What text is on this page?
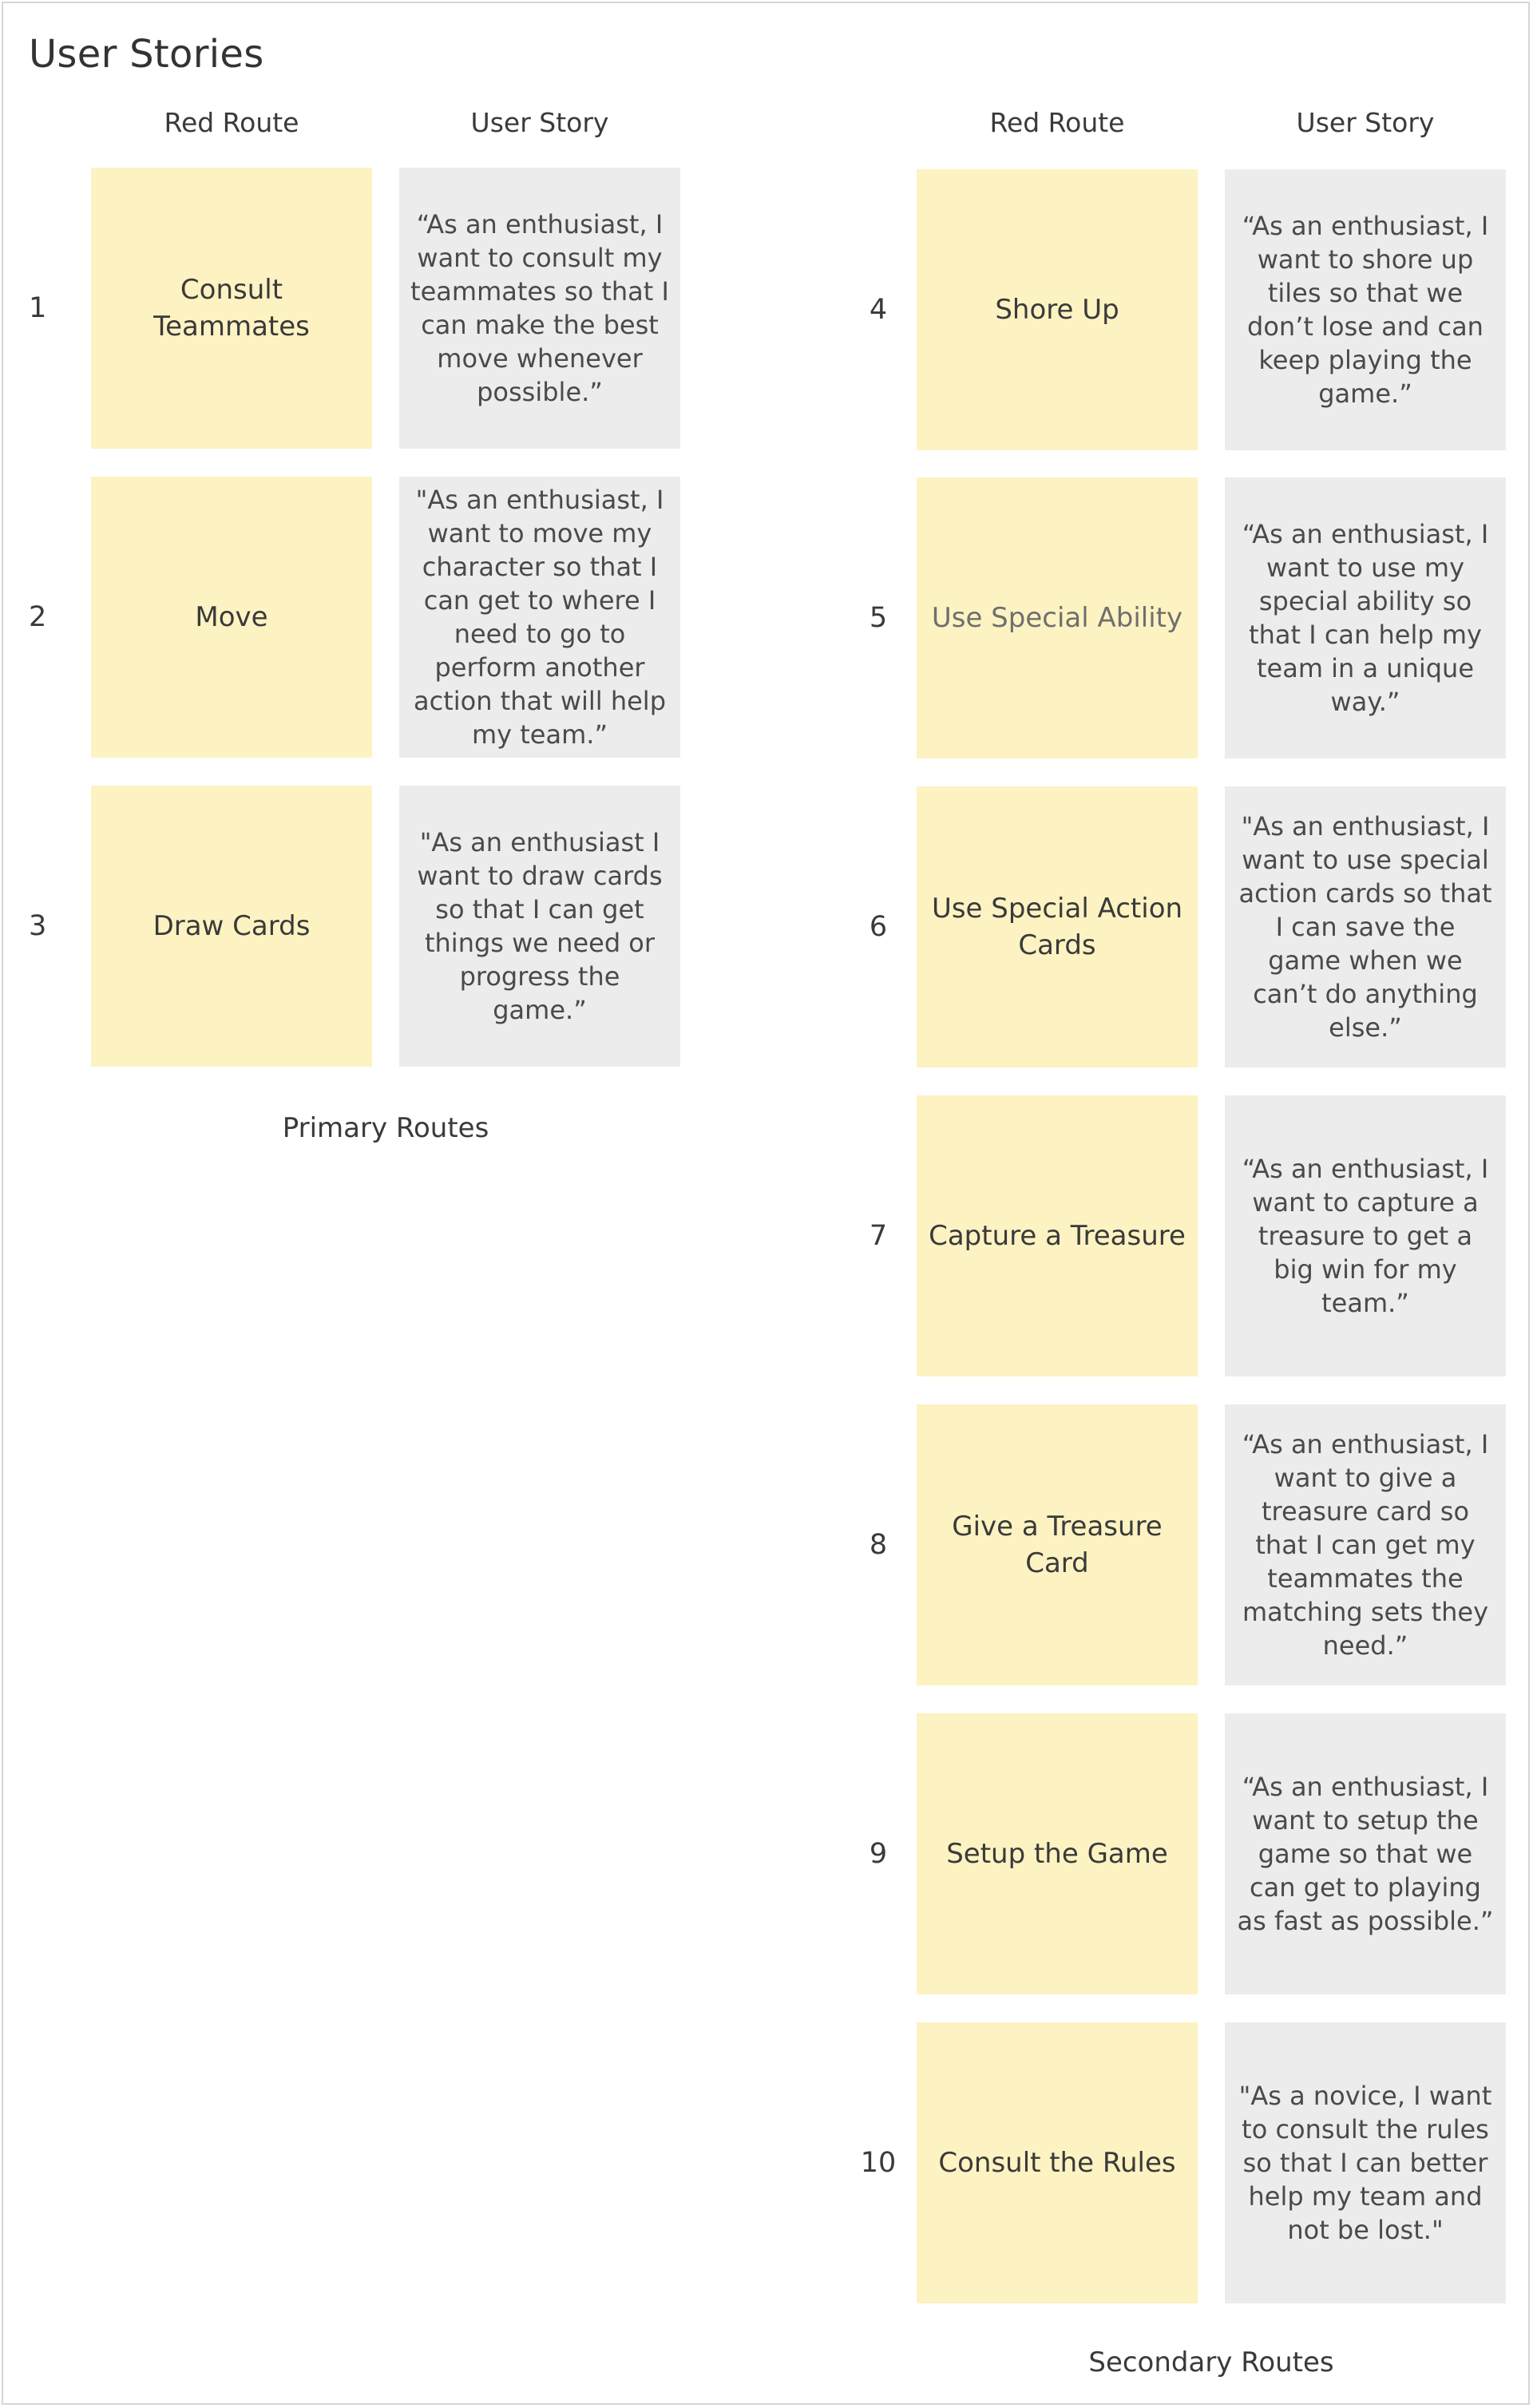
User Stories
Red Route	User Story	Red Route	User Story
1
Consult Teammates
“As an enthusiast, I want to consult my teammates so that I can make the best move whenever possible.”
2	Move
"As an enthusiast, I want to move my character so that I can get to where I need to go to perform another action that will help my team.”
3	Draw Cards
"As an enthusiast I want to draw cards so that I can get things we need or progress the game.”
Primary Routes
4	Shore Up
“As an enthusiast, I want to shore up tiles so that we don’t lose and can keep playing the game.”
5	Use Special Ability
“As an enthusiast, I want to use my special ability so that I can help my team in a unique way.”
6
Use Special Action Cards
"As an enthusiast, I want to use special action cards so that I can save the game when we can’t do anything else.”
7	Capture a Treasure
“As an enthusiast, I want to capture a treasure to get a big win for my team.”
8
Give a Treasure Card
“As an enthusiast, I want to give a treasure card so that I can get my teammates the matching sets they need.”
9	Setup the Game
“As an enthusiast, I want to setup the game so that we can get to playing as fast as possible.”
10	Consult the Rules
"As a novice, I want to consult the rules so that I can better help my team and not be lost."
Secondary Routes
